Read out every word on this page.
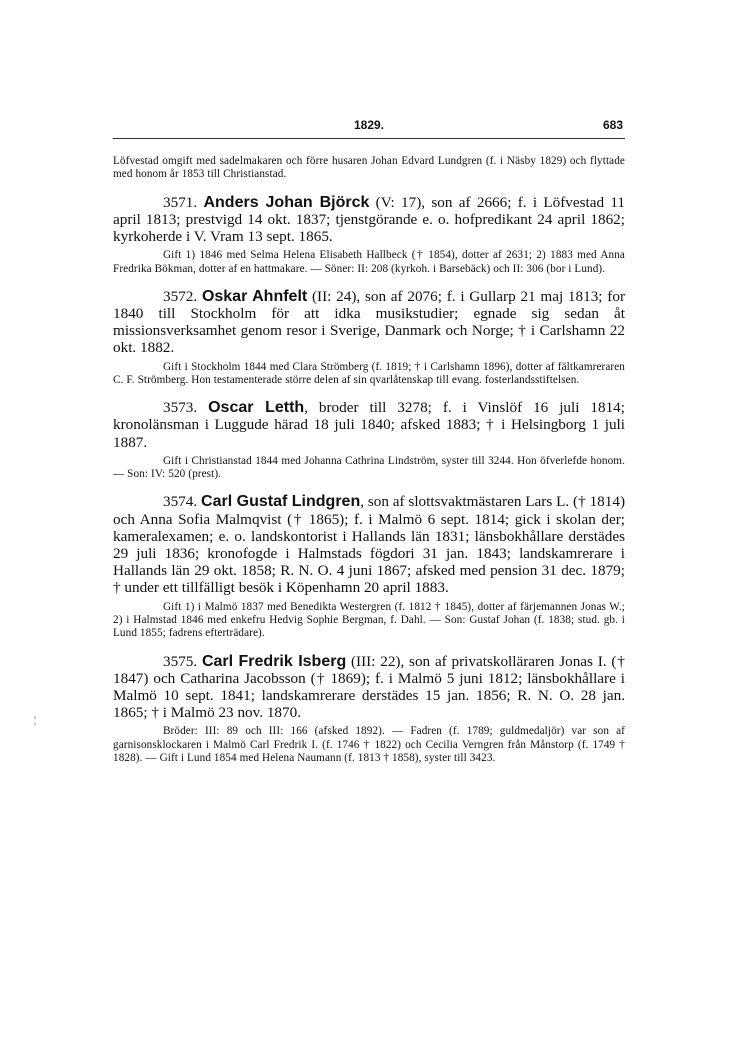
1829.	683
¦

Löfvestad omgift med sadelmakaren och förre husaren Johan Edvard Lundgren (f. i Näsby 1829) och flyttade med honom år 1853 till Christianstad.

3571. Anders Johan Björck (V: 17), son af 2666; f. i Löfvestad 11 april 1813; prestvigd 14 okt. 1837; tjenstgörande e. o. hofpredikant 24 april 1862; kyrkoherde i V. Vram 13 sept. 1865.

Gift 1) 1846 med Selma Helena Elisabeth Hallbeck († 1854), dotter af 2631; 2) 1883 med Anna Fredrika Bökman, dotter af en hattmakare. — Söner: II: 208 (kyrkoh. i Barsebäck) och II: 306 (bor i Lund).

3572. Oskar Ahnfelt (II: 24), son af 2076; f. i Gullarp 21 maj 1813; for 1840 till Stockholm för att idka musikstudier; egnade sig sedan åt missionsverksamhet genom resor i Sverige, Danmark och Norge; † i Carlshamn 22 okt. 1882.

Gift i Stockholm 1844 med Clara Strömberg (f. 1819; † i Carlshamn 1896), dotter af fältkamreraren C. F. Strömberg. Hon testamenterade större delen af sin qvarlåtenskap till evang. fosterlandsstiftelsen.

3573. Oscar Letth, broder till 3278; f. i Vinslöf 16 juli 1814; kronolänsman i Luggude härad 18 juli 1840; afsked 1883; † i Helsingborg 1 juli 1887.

Gift i Christianstad 1844 med Johanna Cathrina Lindström, syster till 3244. Hon öfverlefde honom. — Son: IV: 520 (prest).

3574. Carl Gustaf Lindgren, son af slottsvaktmästaren Lars L. († 1814) och Anna Sofia Malmqvist († 1865); f. i Malmö 6 sept. 1814; gick i skolan der; kameralexamen; e. o. landskontorist i Hallands län 1831; länsbokhållare derstädes 29 juli 1836; kronofogde i Halmstads fögdori 31 jan. 1843; landskamrerare i Hallands län 29 okt. 1858; R. N. O. 4 juni 1867; afsked med pension 31 dec. 1879; † under ett tillfälligt besök i Köpenhamn 20 april 1883.

Gift 1) i Malmö 1837 med Benedikta Westergren (f. 1812 † 1845), dotter af färjemannen Jonas W.; 2) i Halmstad 1846 med enkefru Hedvig Sophie Bergman, f. Dahl. — Son: Gustaf Johan (f. 1838; stud. gb. i Lund 1855; fadrens efterträdare).

3575. Carl Fredrik Isberg (III: 22), son af privatskolläraren Jonas I. († 1847) och Catharina Jacobsson († 1869); f. i Malmö 5 juni 1812; länsbokhållare i Malmö 10 sept. 1841; landskamrerare derstädes 15 jan. 1856; R. N. O. 28 jan. 1865; † i Malmö 23 nov. 1870.

Bröder: III: 89 och III: 166 (afsked 1892). — Fadren (f. 1789; guldmedaljör) var son af garnisonsklockaren i Malmö Carl Fredrik I. (f. 1746 † 1822) och Cecilia Verngren från Månstorp (f. 1749 † 1828). — Gift i Lund 1854 med Helena Naumann (f. 1813 † 1858), syster till 3423.
